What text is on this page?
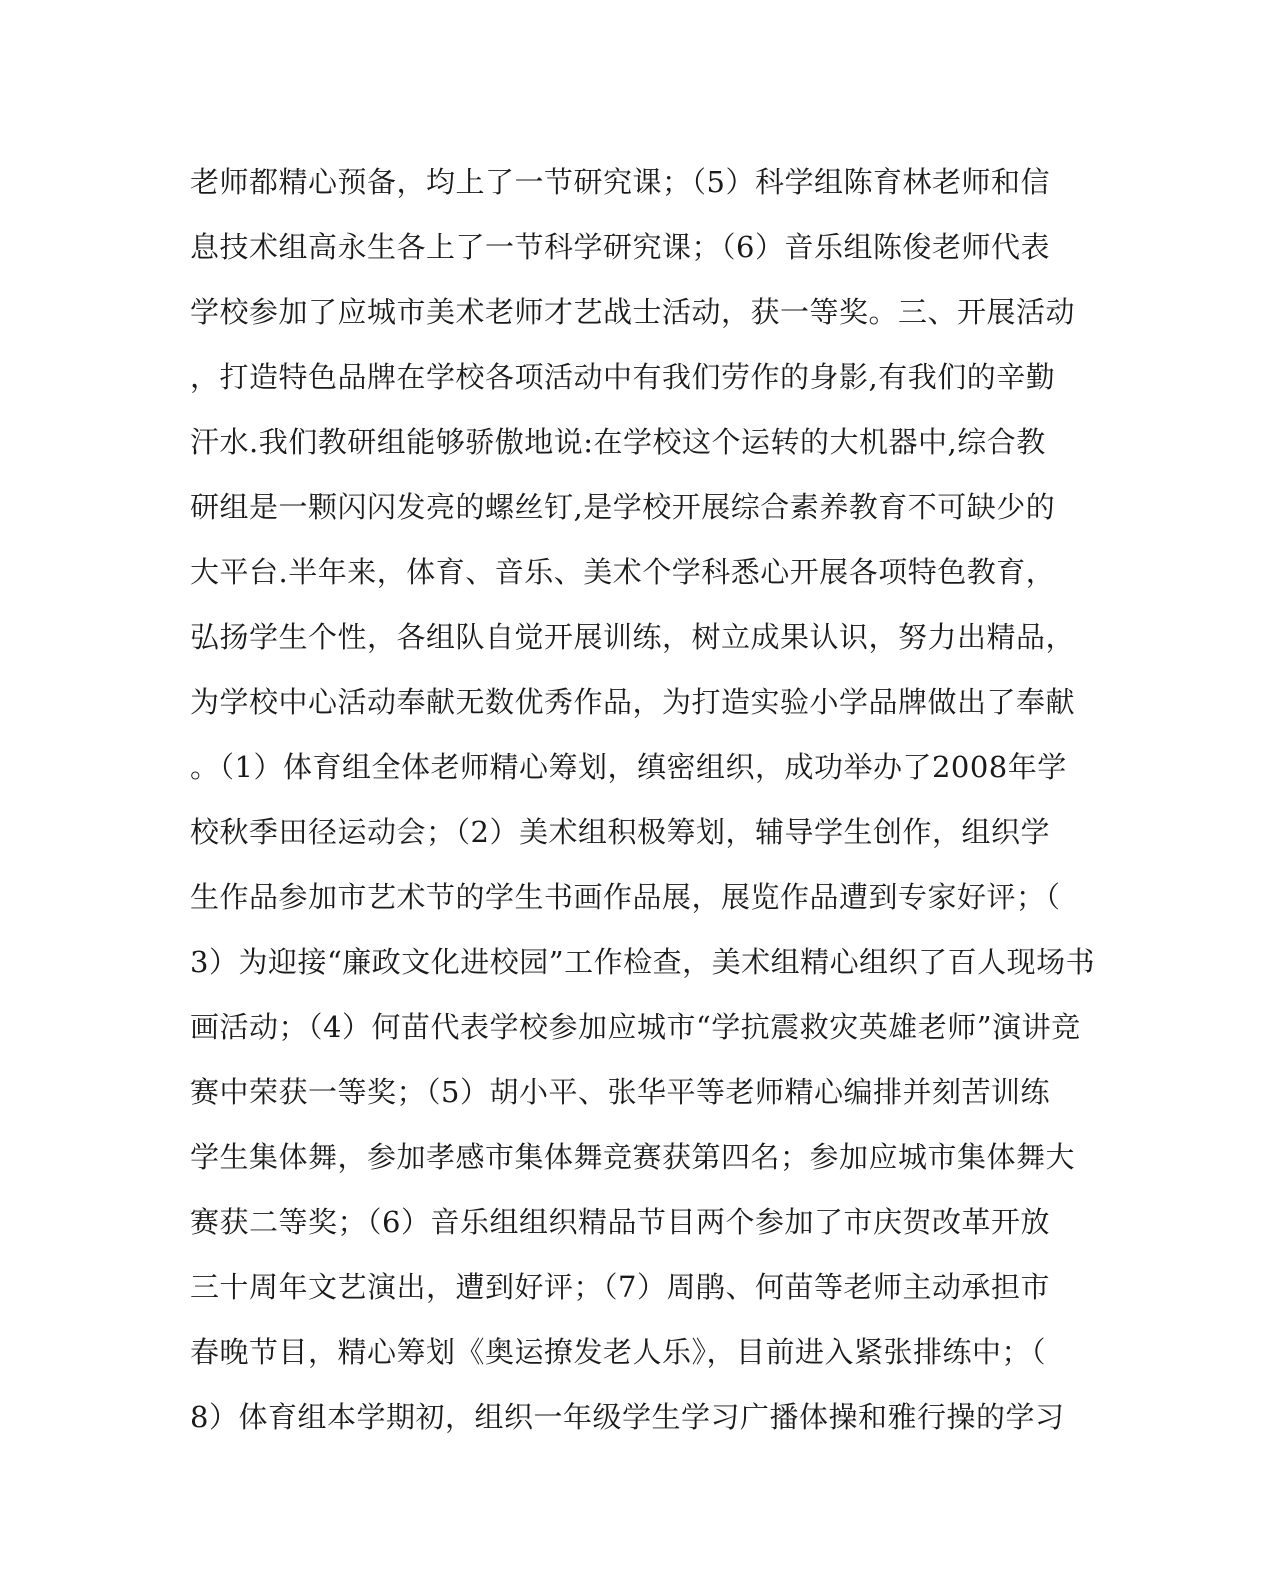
老师都精心预备，均上了一节研究课；（5）科学组陈育林老师和信
息技术组高永生各上了一节科学研究课；（6）音乐组陈俊老师代表
学校参加了应城市美术老师才艺战士活动，获一等奖。三、开展活动
，打造特色品牌在学校各项活动中有我们劳作的身影,有我们的辛勤
汗水.我们教研组能够骄傲地说:在学校这个运转的大机器中,综合教
研组是一颗闪闪发亮的螺丝钉,是学校开展综合素养教育不可缺少的
大平台.半年来，体育、音乐、美术个学科悉心开展各项特色教育，
弘扬学生个性，各组队自觉开展训练，树立成果认识，努力出精品，
为学校中心活动奉献无数优秀作品，为打造实验小学品牌做出了奉献
。（1）体育组全体老师精心筹划，缜密组织，成功举办了2008年学
校秋季田径运动会；（2）美术组积极筹划，辅导学生创作，组织学
生作品参加市艺术节的学生书画作品展，展览作品遭到专家好评；（
3）为迎接“廉政文化进校园”工作检查，美术组精心组织了百人现场书
画活动；（4）何苗代表学校参加应城市“学抗震救灾英雄老师”演讲竞
赛中荣获一等奖；（5）胡小平、张华平等老师精心编排并刻苦训练
学生集体舞，参加孝感市集体舞竞赛获第四名；参加应城市集体舞大
赛获二等奖；（6）音乐组组织精品节目两个参加了市庆贺改革开放
三十周年文艺演出，遭到好评；（7）周鹃、何苗等老师主动承担市
春晚节目，精心筹划《奥运撩发老人乐》，目前进入紧张排练中；（
8）体育组本学期初，组织一年级学生学习广播体操和雅行操的学习
